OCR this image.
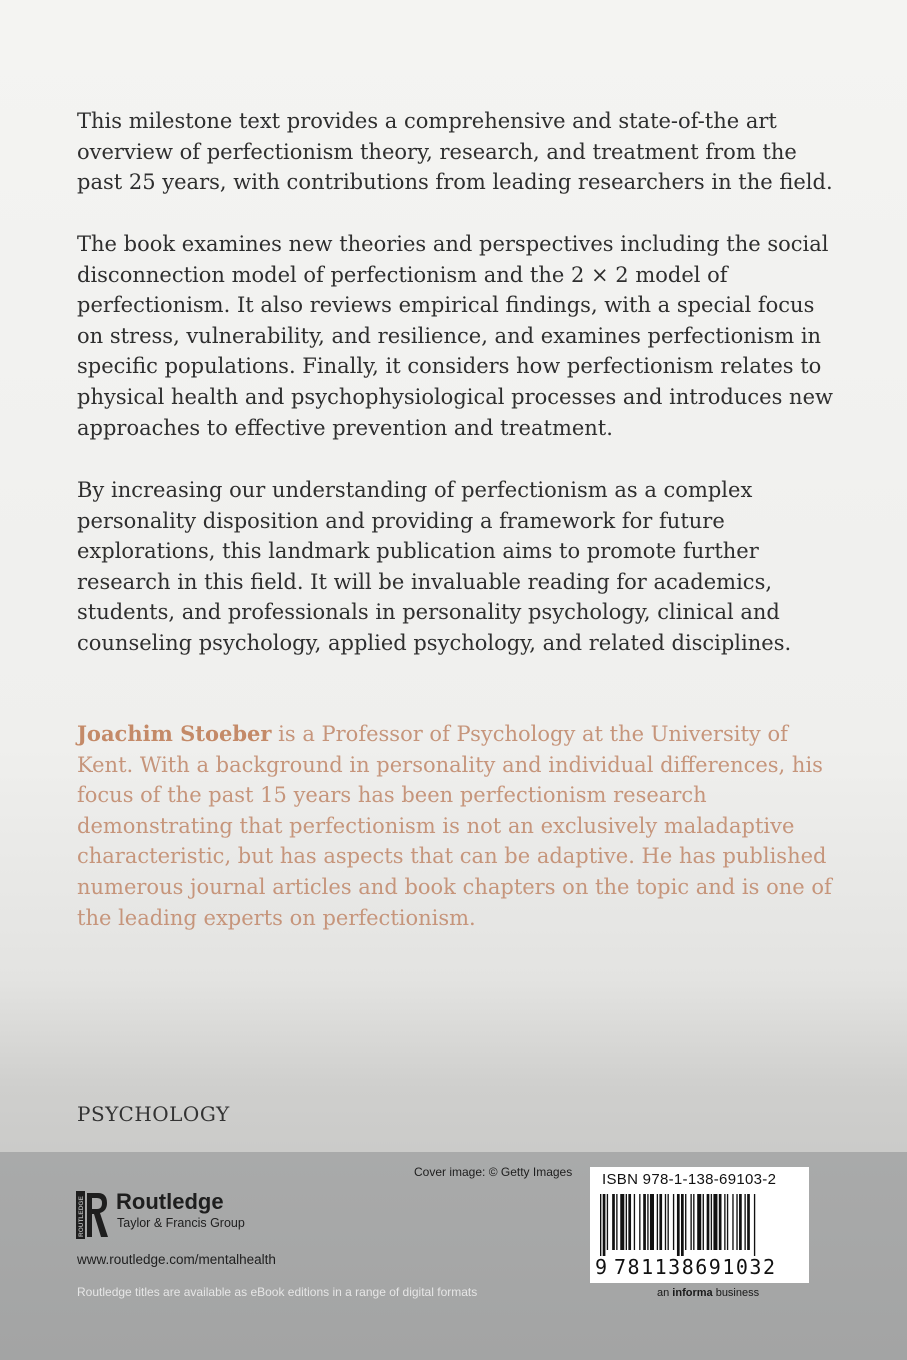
This milestone text provides a comprehensive and state-of-the art overview of perfectionism theory, research, and treatment from the past 25 years, with contributions from leading researchers in the field.

The book examines new theories and perspectives including the social disconnection model of perfectionism and the 2 × 2 model of perfectionism. It also reviews empirical findings, with a special focus on stress, vulnerability, and resilience, and examines perfectionism in specific populations. Finally, it considers how perfectionism relates to physical health and psychophysiological processes and introduces new approaches to effective prevention and treatment.

By increasing our understanding of perfectionism as a complex personality disposition and providing a framework for future explorations, this landmark publication aims to promote further research in this field. It will be invaluable reading for academics, students, and professionals in personality psychology, clinical and counseling psychology, applied psychology, and related disciplines.

Joachim Stoeber is a Professor of Psychology at the University of Kent. With a background in personality and individual differences, his focus of the past 15 years has been perfectionism research demonstrating that perfectionism is not an exclusively maladaptive characteristic, but has aspects that can be adaptive. He has published numerous journal articles and book chapters on the topic and is one of the leading experts on perfectionism.

PSYCHOLOGY
Cover image: © Getty Images
ROUTLEDGE Routledge
Taylor & Francis Group
www.routledge.com/mentalhealth
Routledge titles are available as eBook editions in a range of digital formats
ISBN 978-1-138-69103-2
9 781138691032
an informa business
